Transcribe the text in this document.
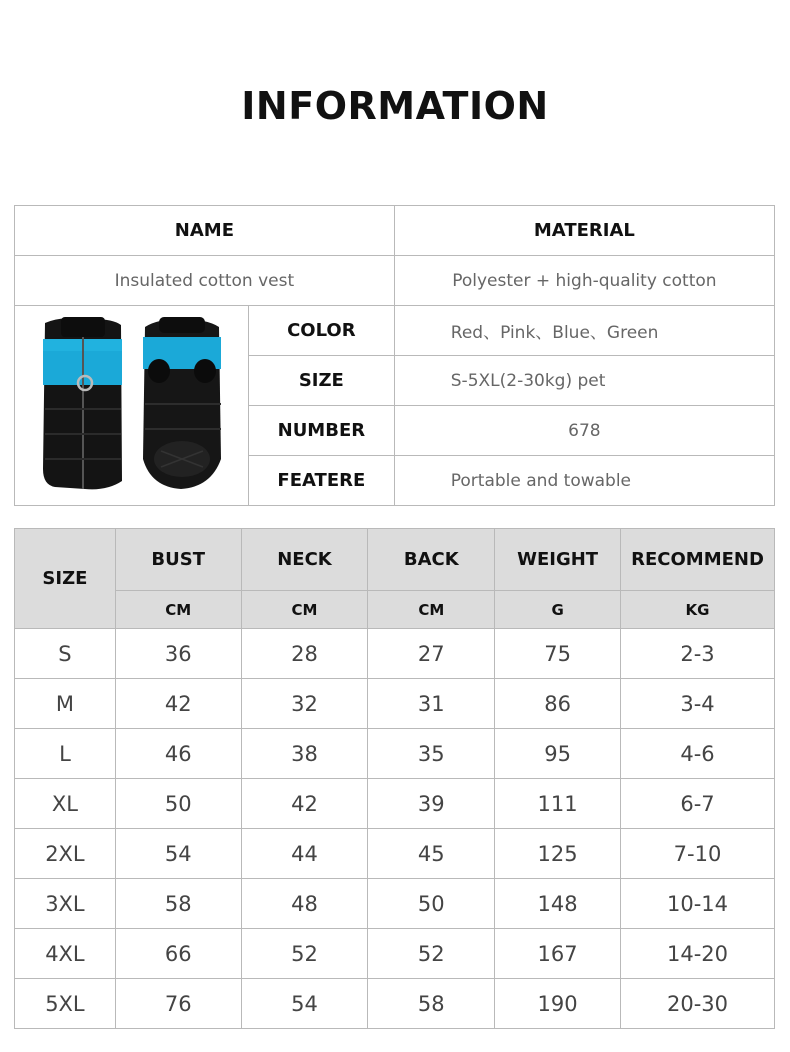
INFORMATION
NAME		MATERIAL
Insulated cotton vest		Polyester + high-quality cotton
	COLOR	Red、Pink、Blue、Green
	SIZE	S-5XL(2-30kg) pet
	NUMBER	678
	FEATERE	Portable and towable
SIZE	BUST	NECK	BACK	WEIGHT	RECOMMEND
	CM	CM	CM	G	KG
S	36	28	27	75	2-3
M	42	32	31	86	3-4
L	46	38	35	95	4-6
XL	50	42	39	111	6-7
2XL	54	44	45	125	7-10
3XL	58	48	50	148	10-14
4XL	66	52	52	167	14-20
5XL	76	54	58	190	20-30
